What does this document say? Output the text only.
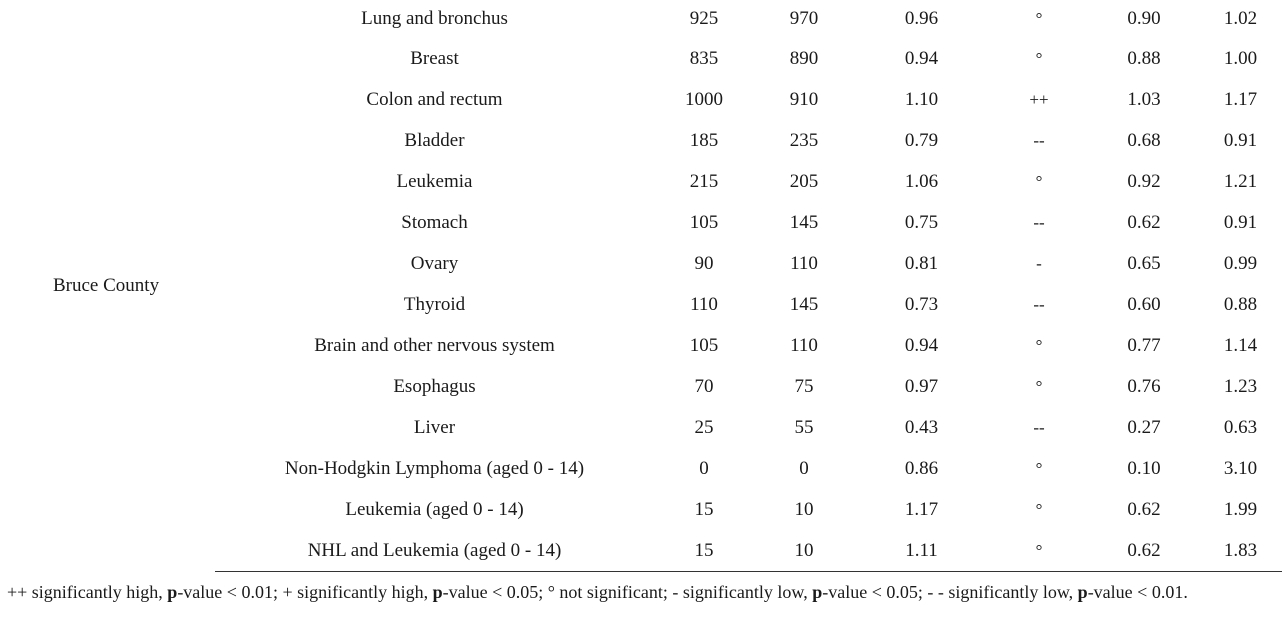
Bruce County	Lung and bronchus	925	970	0.96	°	0.90	1.02
	Breast	835	890	0.94	°	0.88	1.00
	Colon and rectum	1000	910	1.10	++	1.03	1.17
	Bladder	185	235	0.79	--	0.68	0.91
	Leukemia	215	205	1.06	°	0.92	1.21
	Stomach	105	145	0.75	--	0.62	0.91
	Ovary	90	110	0.81	-	0.65	0.99
	Thyroid	110	145	0.73	--	0.60	0.88
	Brain and other nervous system	105	110	0.94	°	0.77	1.14
	Esophagus	70	75	0.97	°	0.76	1.23
	Liver	25	55	0.43	--	0.27	0.63
	Non-Hodgkin Lymphoma (aged 0 - 14)	0	0	0.86	°	0.10	3.10
	Leukemia (aged 0 - 14)	15	10	1.17	°	0.62	1.99
	NHL and Leukemia (aged 0 - 14)	15	10	1.11	°	0.62	1.83
++ significantly high, p-value < 0.01; + significantly high, p-value < 0.05; ° not significant; - significantly low, p-value < 0.05; - - significantly low, p-value < 0.01.
